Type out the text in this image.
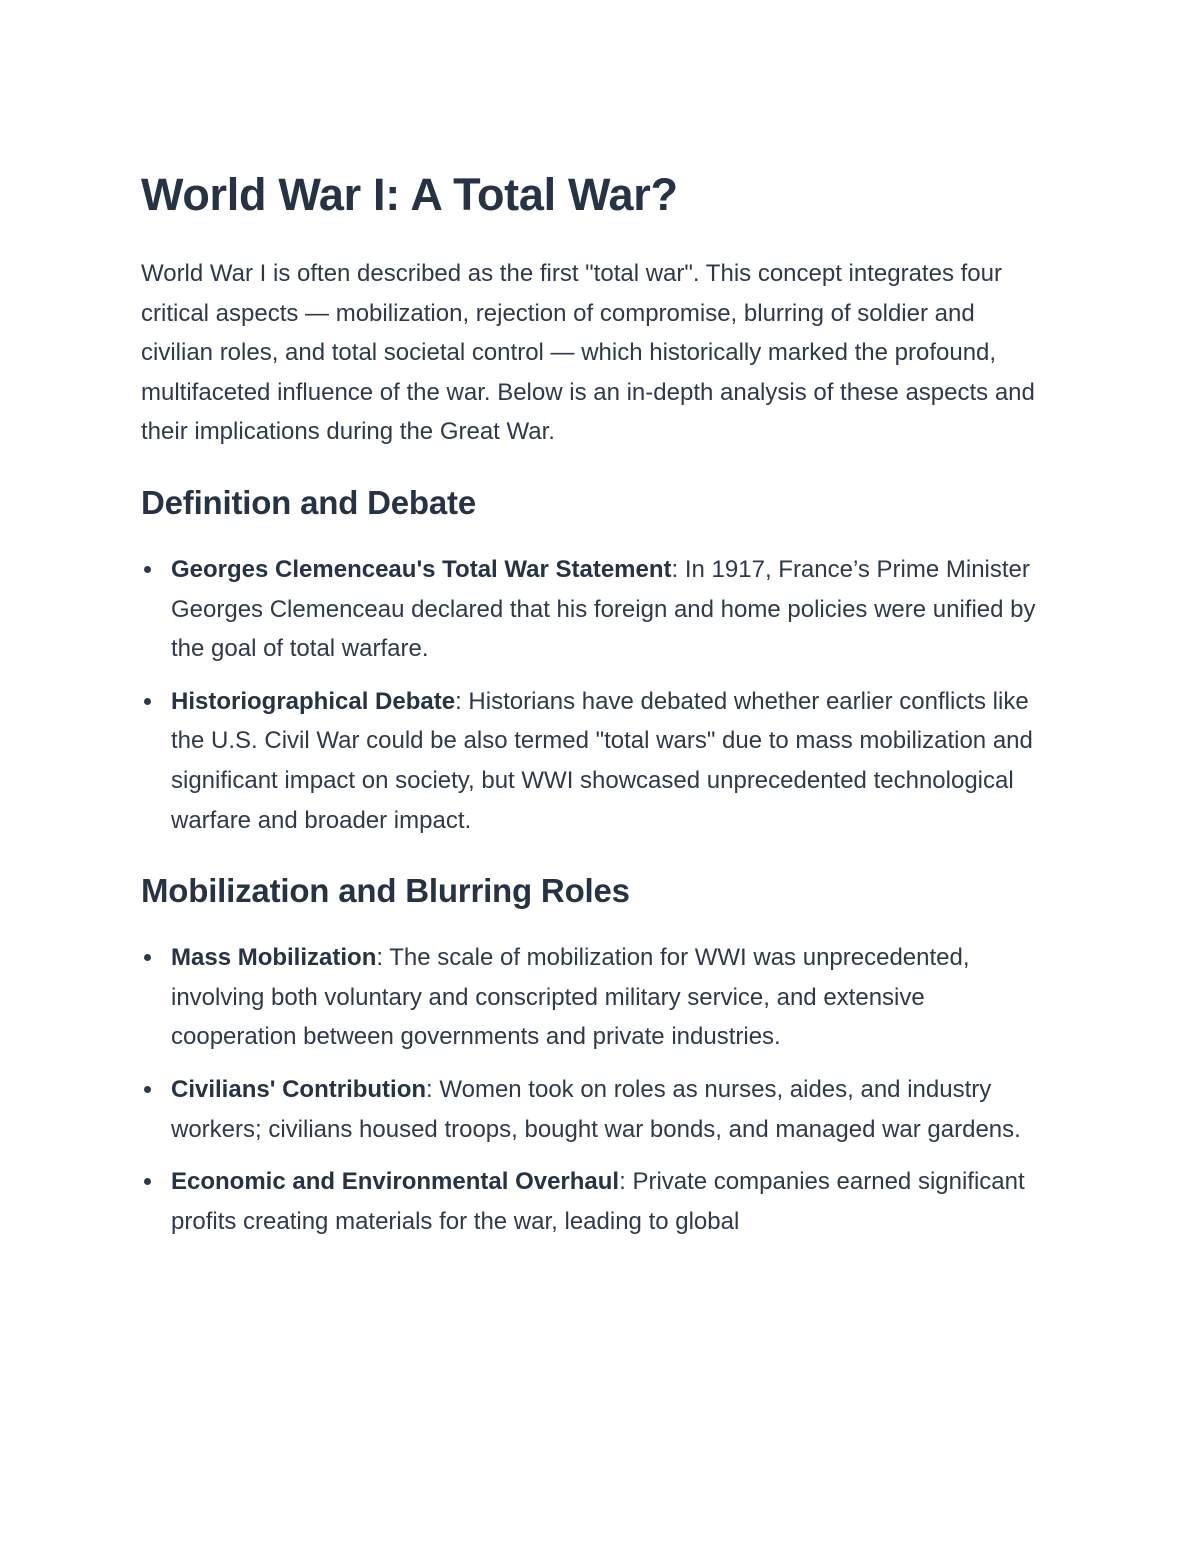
World War I: A Total War?

World War I is often described as the first "total war". This concept integrates four critical aspects — mobilization, rejection of compromise, blurring of soldier and civilian roles, and total societal control — which historically marked the profound, multifaceted influence of the war. Below is an in-depth analysis of these aspects and their implications during the Great War.

Definition and Debate
Georges Clemenceau's Total War Statement: In 1917, France’s Prime Minister Georges Clemenceau declared that his foreign and home policies were unified by the goal of total warfare.
Historiographical Debate: Historians have debated whether earlier conflicts like the U.S. Civil War could be also termed "total wars" due to mass mobilization and significant impact on society, but WWI showcased unprecedented technological warfare and broader impact.
Mobilization and Blurring Roles
Mass Mobilization: The scale of mobilization for WWI was unprecedented, involving both voluntary and conscripted military service, and extensive cooperation between governments and private industries.
Civilians' Contribution: Women took on roles as nurses, aides, and industry workers; civilians housed troops, bought war bonds, and managed war gardens.
Economic and Environmental Overhaul: Private companies earned significant profits creating materials for the war, leading to global
